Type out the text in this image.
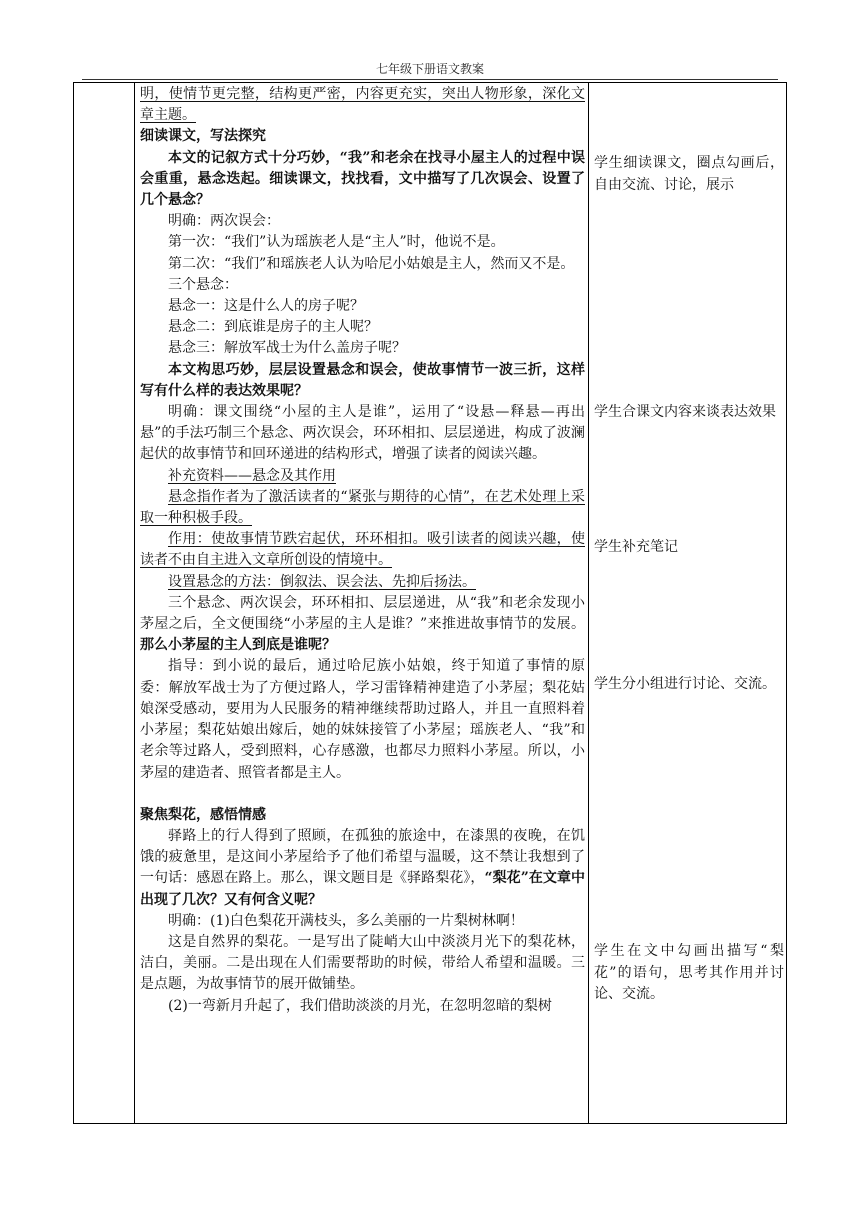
七年级下册语文教案

明，使情节更完整，结构更严密，内容更充实，突出人物形象，深化文章主题。

细读课文，写法探究

本文的记叙方式十分巧妙，“我”和老余在找寻小屋主人的过程中误会重重，悬念迭起。细读课文，找找看，文中描写了几次误会、设置了几个悬念？

明确：两次误会：

第一次：“我们”认为瑶族老人是“主人”时，他说不是。

第二次：“我们”和瑶族老人认为哈尼小姑娘是主人，然而又不是。

三个悬念：

悬念一：这是什么人的房子呢？

悬念二：到底谁是房子的主人呢？

悬念三：解放军战士为什么盖房子呢？

本文构思巧妙，层层设置悬念和误会，使故事情节一波三折，这样写有什么样的表达效果呢？

明确：课文围绕“小屋的主人是谁”，运用了“设悬—释悬—再出悬”的手法巧制三个悬念、两次误会，环环相扣、层层递进，构成了波澜起伏的故事情节和回环递进的结构形式，增强了读者的阅读兴趣。

补充资料——悬念及其作用

悬念指作者为了激活读者的“紧张与期待的心情”，在艺术处理上采取一种积极手段。

作用：使故事情节跌宕起伏，环环相扣。吸引读者的阅读兴趣，使读者不由自主进入文章所创设的情境中。

设置悬念的方法：倒叙法、误会法、先抑后扬法。

三个悬念、两次误会，环环相扣、层层递进，从“我”和老余发现小茅屋之后，全文便围绕“小茅屋的主人是谁？”来推进故事情节的发展。那么小茅屋的主人到底是谁呢？

指导：到小说的最后，通过哈尼族小姑娘，终于知道了事情的原委：解放军战士为了方便过路人，学习雷锋精神建造了小茅屋；梨花姑娘深受感动，要用为人民服务的精神继续帮助过路人，并且一直照料着小茅屋；梨花姑娘出嫁后，她的妹妹接管了小茅屋；瑶族老人、“我”和老余等过路人，受到照料，心存感激，也都尽力照料小茅屋。所以，小茅屋的建造者、照管者都是主人。

聚焦梨花，感悟情感

驿路上的行人得到了照顾，在孤独的旅途中，在漆黑的夜晚，在饥饿的疲惫里，是这间小茅屋给予了他们希望与温暖，这不禁让我想到了一句话：感恩在路上。那么，课文题目是《驿路梨花》，“梨花”在文章中出现了几次？又有何含义呢？

明确：(1)白色梨花开满枝头，多么美丽的一片梨树林啊！

这是自然界的梨花。一是写出了陡峭大山中淡淡月光下的梨花林，洁白，美丽。二是出现在人们需要帮助的时候，带给人希望和温暖。三是点题，为故事情节的展开做铺垫。

(2)一弯新月升起了，我们借助淡淡的月光，在忽明忽暗的梨树

学生细读课文，圈点勾画后，自由交流、讨论，展示
学生合课文内容来谈表达效果
学生补充笔记
学生分小组进行讨论、交流。
学生在文中勾画出描写“梨花”的语句，思考其作用并讨论、交流。
